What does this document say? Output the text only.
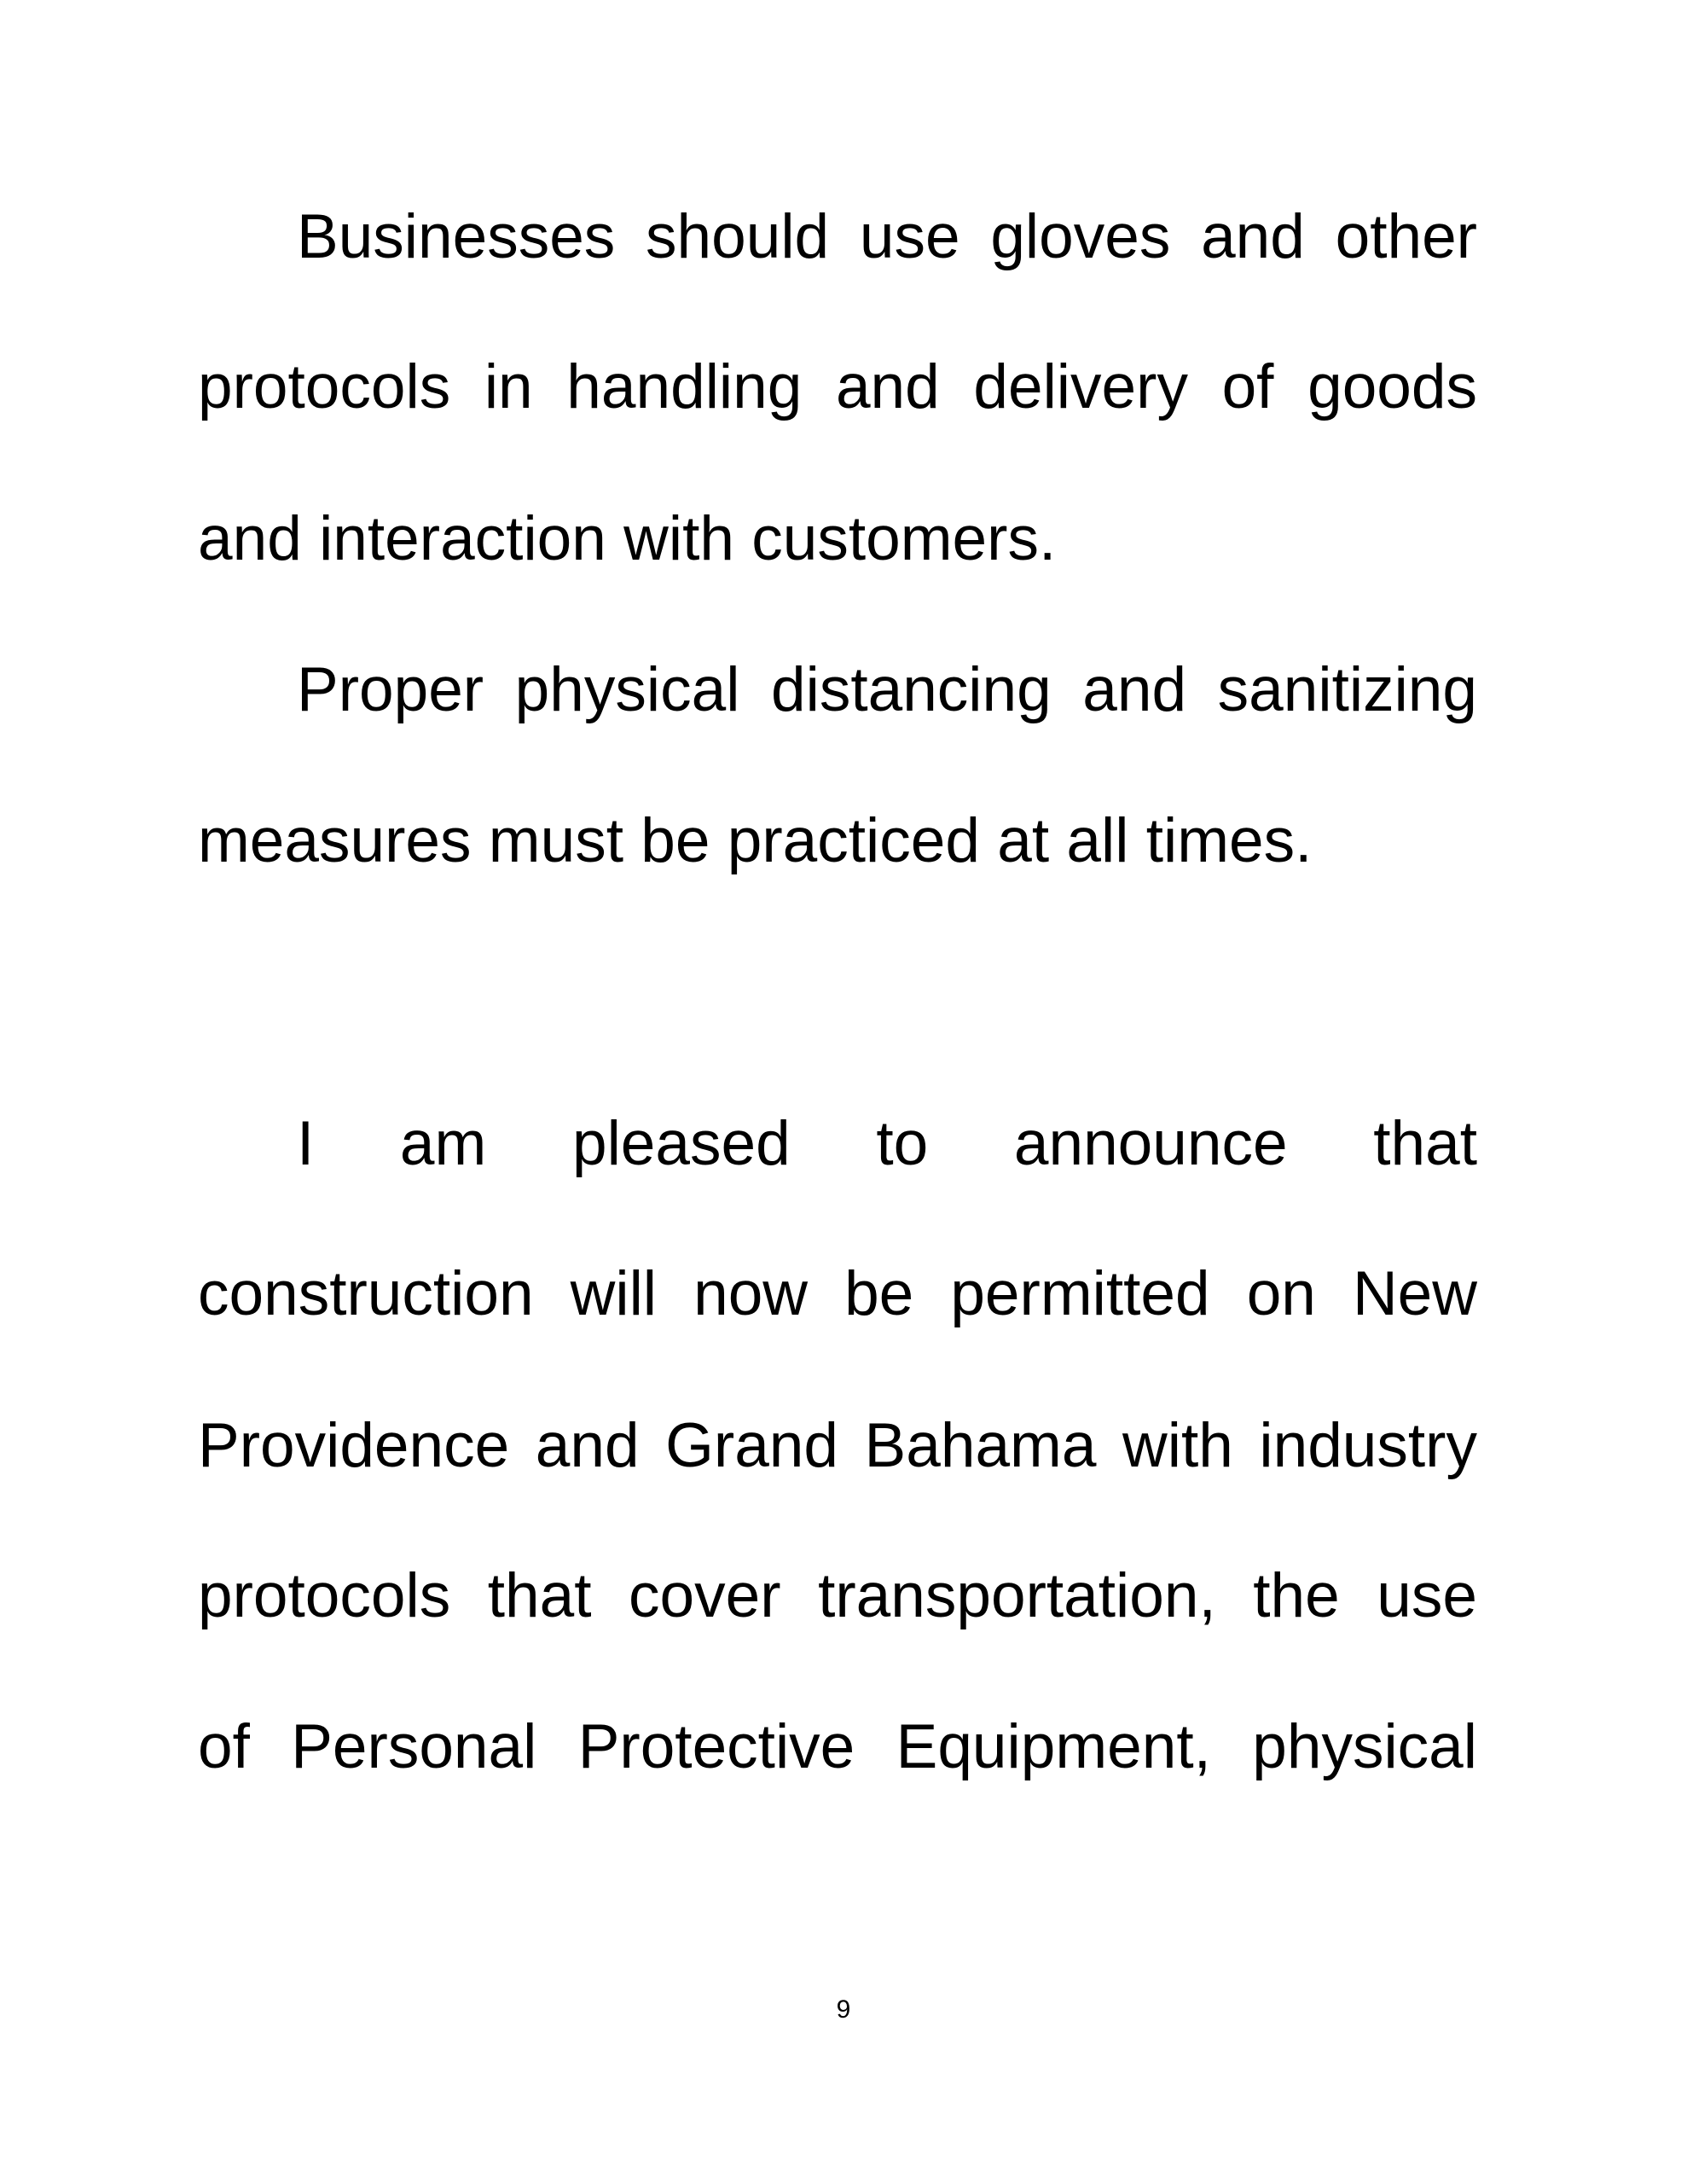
Businesses should use gloves and other
protocols in handling and delivery of goods
and interaction with customers.
Proper physical distancing and sanitizing
measures must be practiced at all times.
I am pleased to announce that
construction will now be permitted on New
Providence and Grand Bahama with industry
protocols that cover transportation, the use
of Personal Protective Equipment, physical
9
